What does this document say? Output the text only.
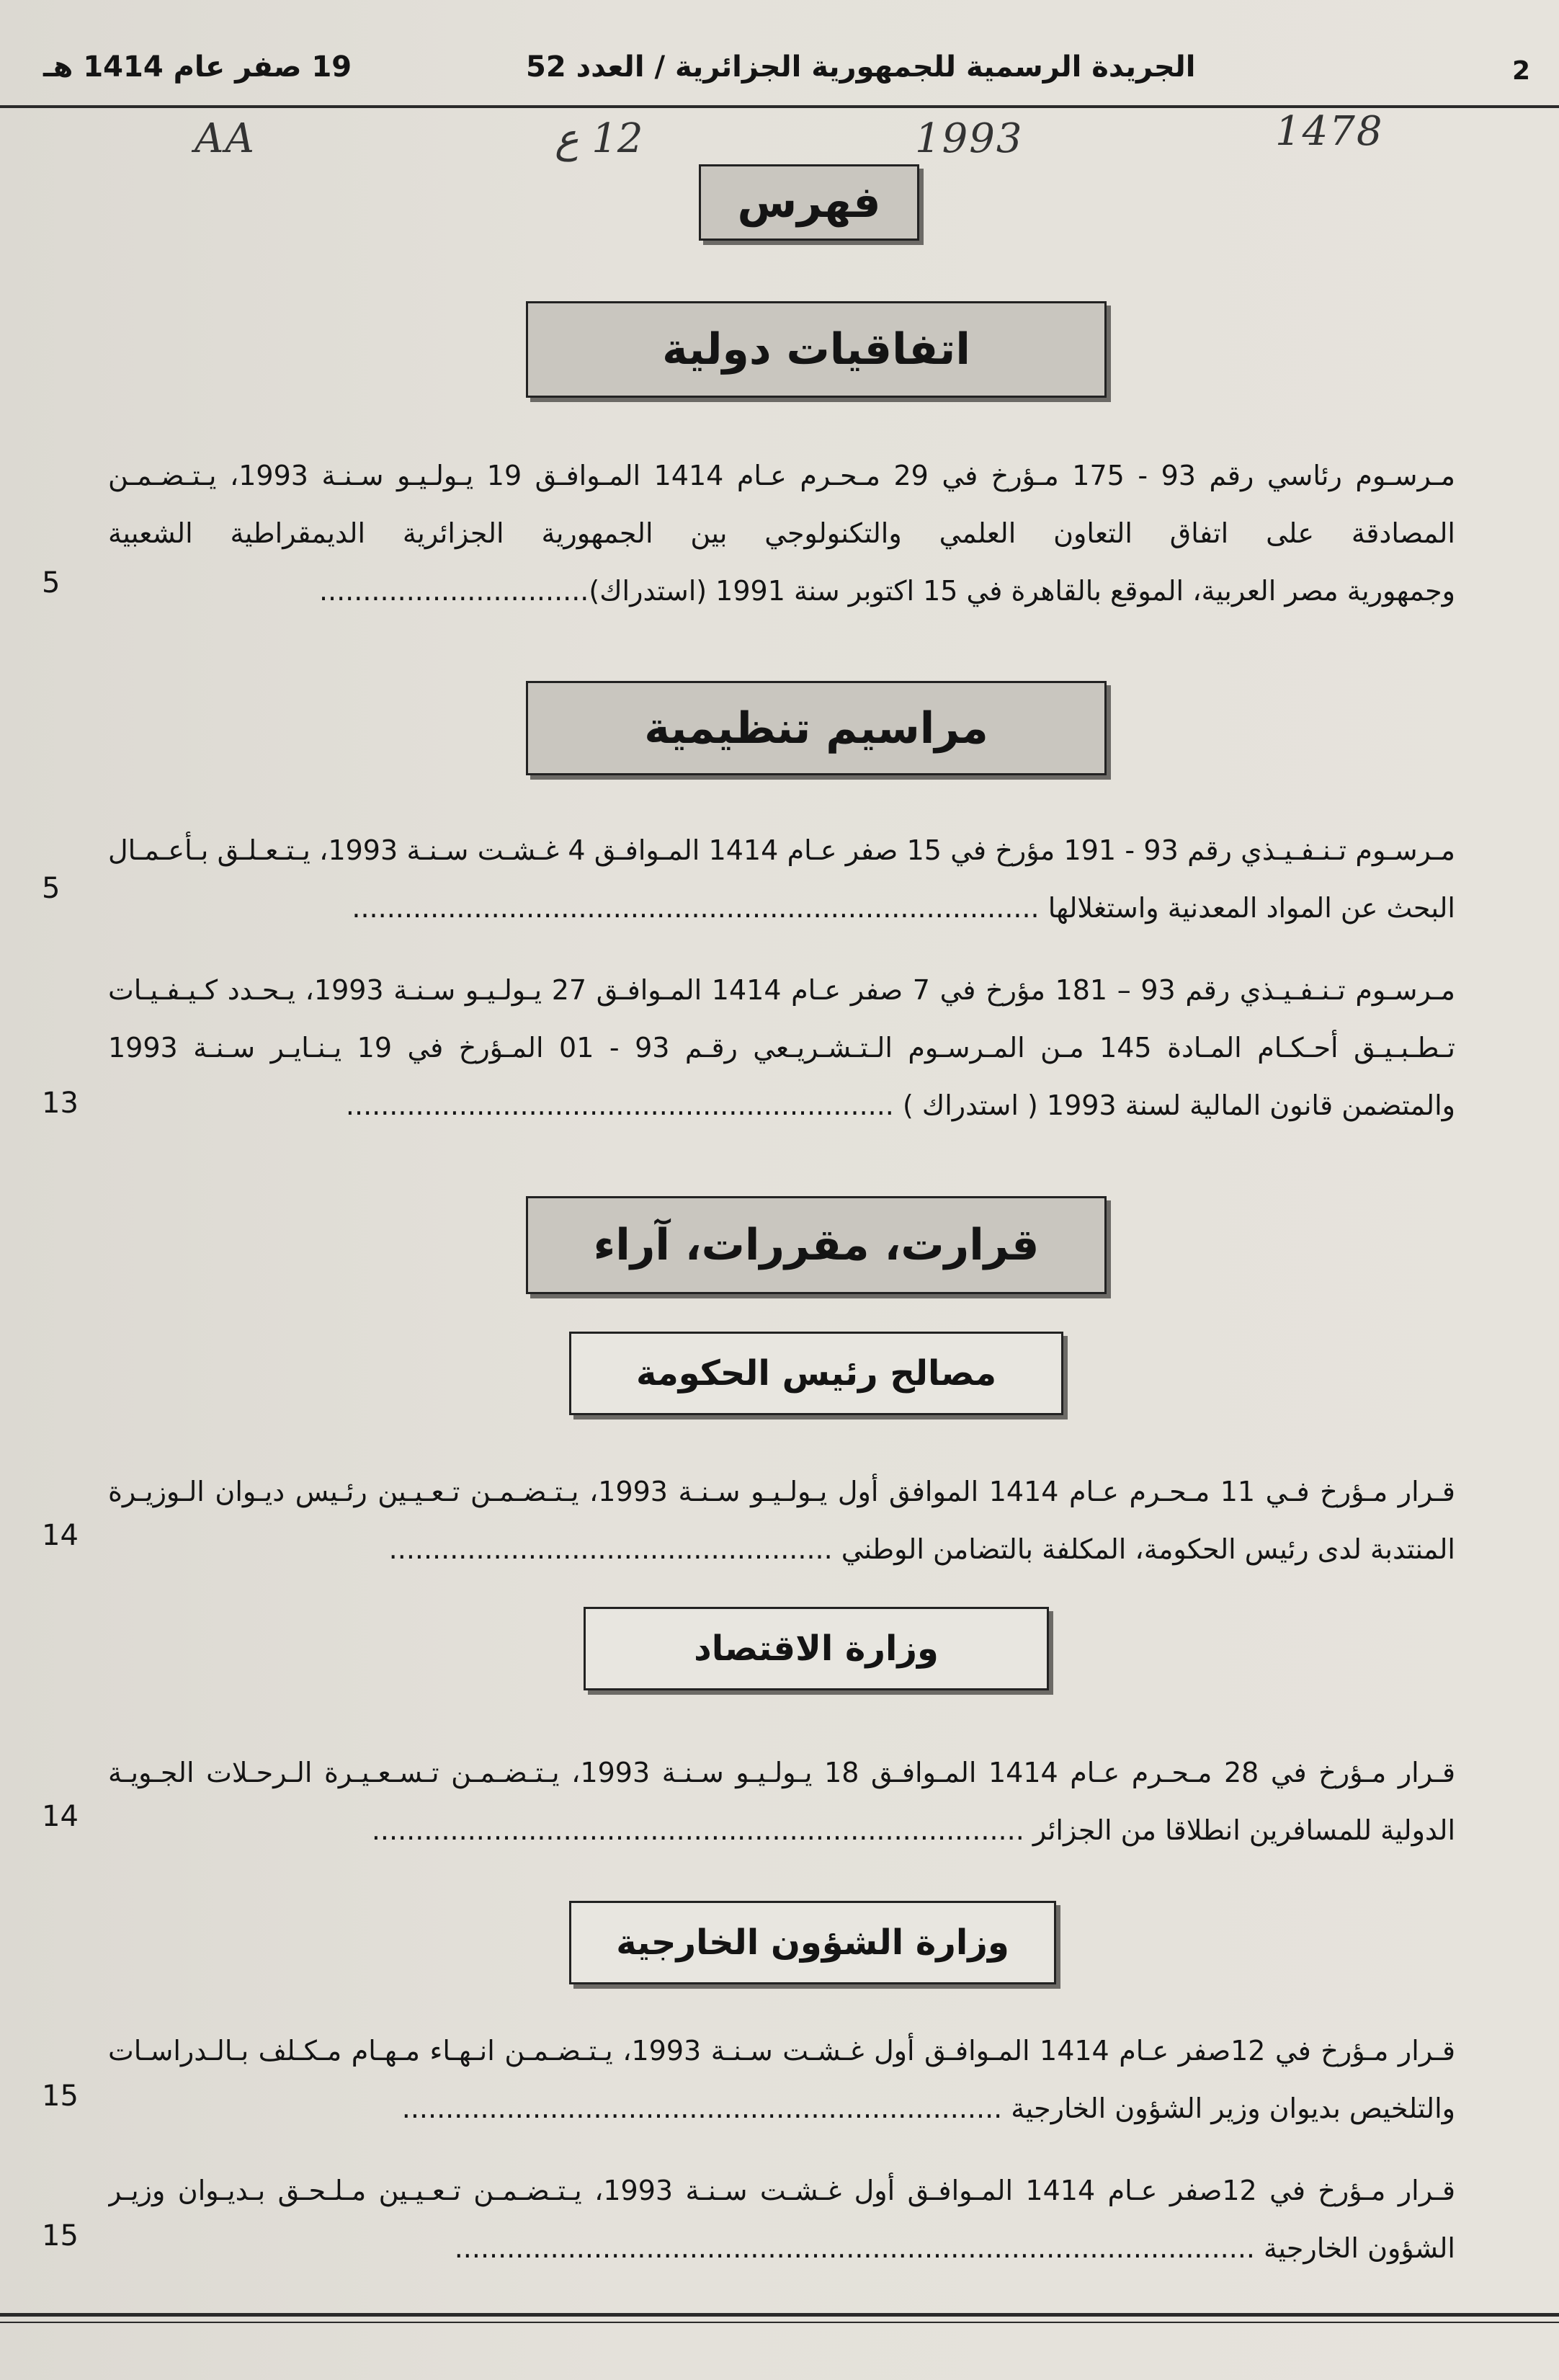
2
الجريدة الرسمية للجمهورية الجزائرية / العدد 52
19 صفر عام 1414 هـ
AA	12 ع	1993	1478
فهرس
اتفاقيات دولية
مـرسـوم رئاسي رقم 93 - 175 مـؤرخ في 29 مـحـرم عـام 1414 المـوافـق 19 يـولـيـو سـنـة 1993، يـتـضـمـن
المصادقة على اتفاق التعاون العلمي والتكنولوجي بين الجمهورية الجزائرية الديمقراطية الشعبية
وجمهورية مصر العربية، الموقع بالقاهرة في 15 اكتوبر سنة 1991 (استدراك)...............................
5
مراسيم تنظيمية
مـرسـوم تـنـفـيـذي رقم 93 - 191 مؤرخ في 15 صفر عـام 1414 المـوافـق 4 غـشـت سـنـة 1993، يـتـعـلـق بـأعـمـال
البحث عن المواد المعدنية واستغلالها ...............................................................................
5
مـرسـوم تـنـفـيـذي رقم 93 – 181 مؤرخ في 7 صفر عـام 1414 المـوافـق 27 يـولـيـو سـنـة 1993، يـحـدد كـيـفـيـات
تـطـبـيـق أحـكـام المـادة 145 مـن المـرسـوم الـتـشـريـعي رقـم 93 - 01 المـؤرخ في 19 يـنـايـر سـنـة 1993
والمتضمن قانون المالية لسنة 1993 ( استدراك ) ...............................................................
13
قرارت، مقررات، آراء
مصالح رئيس الحكومة
قـرار مـؤرخ فـي 11 مـحـرم عـام 1414 الموافق أول يـولـيـو سـنـة 1993، يـتـضـمـن تـعـيـين رئـيس ديـوان الـوزيـرة
المنتدبة لدى رئيس الحكومة، المكلفة بالتضامن الوطني ...................................................
14
وزارة الاقتصاد
قـرار مـؤرخ في 28 مـحـرم عـام 1414 المـوافـق 18 يـولـيـو سـنـة 1993، يـتـضـمـن تـسـعـيـرة الـرحـلات الجـويـة
الدولية للمسافرين انطلاقا من الجزائر ...........................................................................
14
وزارة الشؤون الخارجية
قـرار مـؤرخ في 12صفر عـام 1414 المـوافـق أول غـشـت سـنـة 1993، يـتـضـمـن انـهـاء مـهـام مـكـلف بـالـدراسـات
والتلخيص بديوان وزير الشؤون الخارجية .....................................................................
15
قـرار مـؤرخ في 12صفر عـام 1414 المـوافـق أول غـشـت سـنـة 1993، يـتـضـمـن تـعـيـين مـلـحـق بـديـوان وزيـر
الشؤون الخارجية ............................................................................................
15
